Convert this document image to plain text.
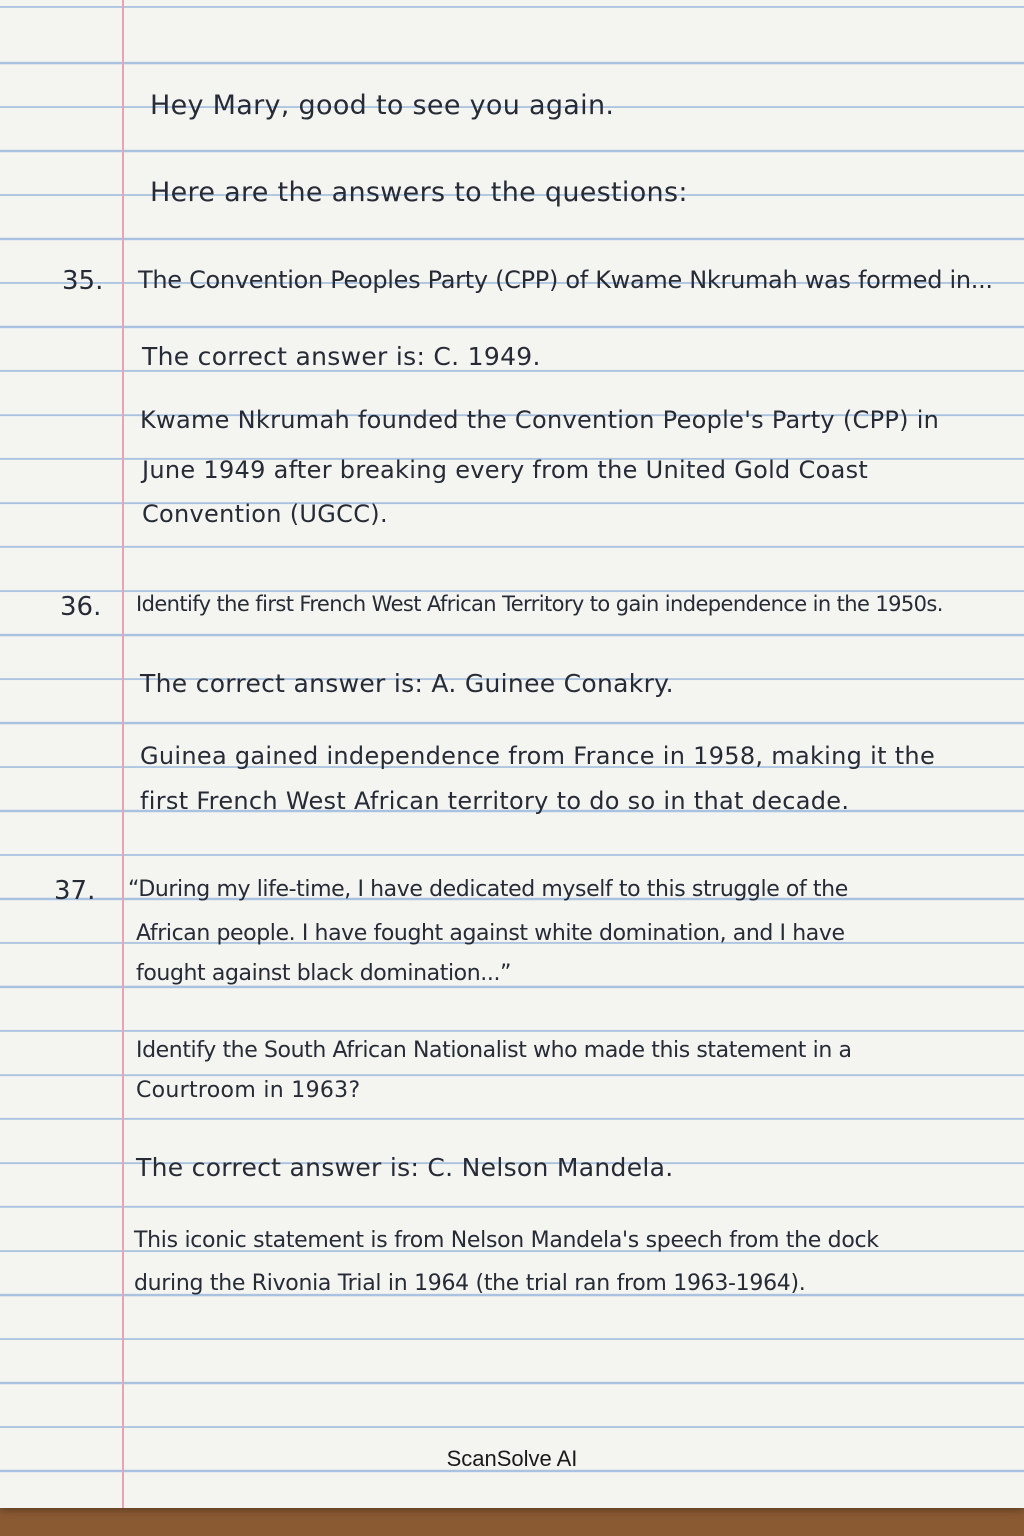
Hey Mary, good to see you again.
Here are the answers to the questions:
35. The Convention Peoples Party (CPP) of Kwame Nkrumah was formed in...
The correct answer is: C. 1949.
Kwame Nkrumah founded the Convention People's Party (CPP) in
June 1949 after breaking every from the United Gold Coast
Convention (UGCC).
36. Identify the first French West African Territory to gain independence in the 1950s.
The correct answer is: A. Guinee Conakry.
Guinea gained independence from France in 1958, making it the
first French West African territory to do so in that decade.
37. “During my life-time, I have dedicated myself to this struggle of the
African people. I have fought against white domination, and I have
fought against black domination...”
Identify the South African Nationalist who made this statement in a
Courtroom in 1963?
The correct answer is: C. Nelson Mandela.
This iconic statement is from Nelson Mandela's speech from the dock
during the Rivonia Trial in 1964 (the trial ran from 1963-1964).
ScanSolve AI
